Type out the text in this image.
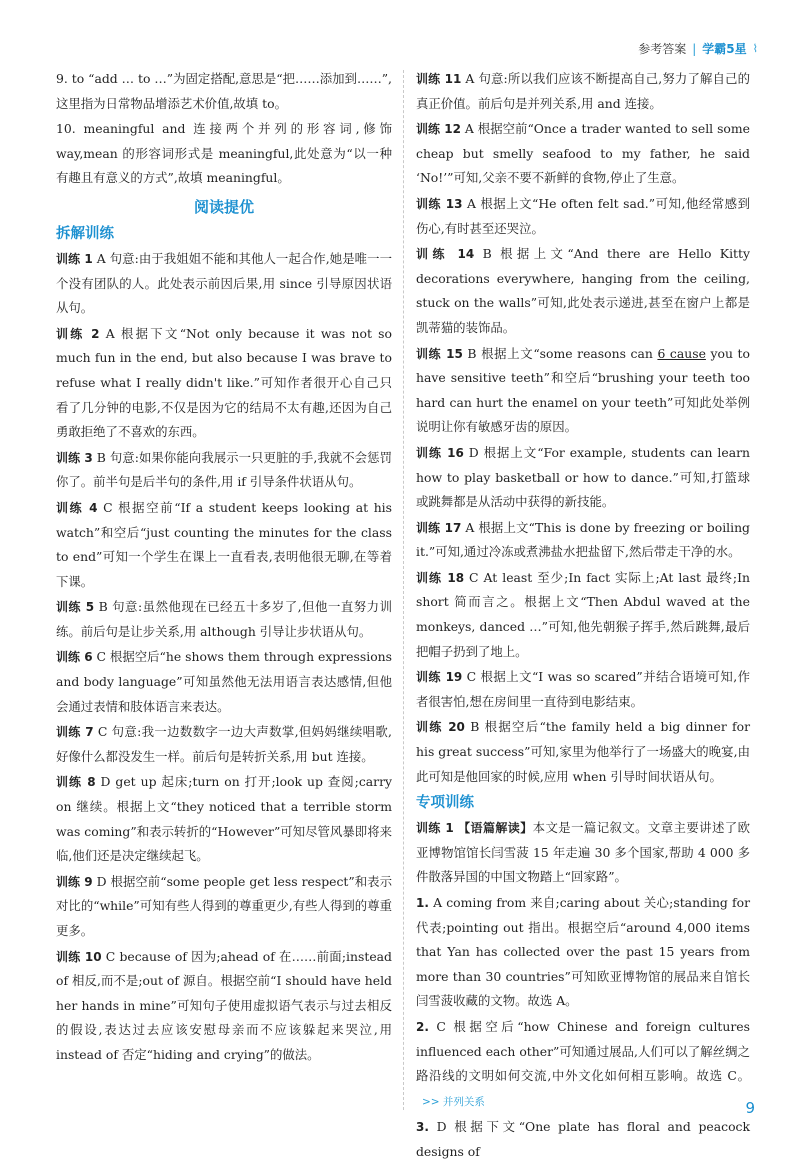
参考答案 | 学霸5星 ⌇

9. to “add … to …”为固定搭配,意思是“把……添加到……”,这里指为日常物品增添艺术价值,故填 to。

10. meaningful and 连接两个并列的形容词,修饰 way,mean 的形容词形式是 meaningful,此处意为“以一种有趣且有意义的方式”,故填 meaningful。

阅读提优
拆解训练

训练 1 A 句意:由于我姐姐不能和其他人一起合作,她是唯一一个没有团队的人。此处表示前因后果,用 since 引导原因状语从句。

训练 2 A 根据下文“Not only because it was not so much fun in the end, but also because I was brave to refuse what I really didn't like.”可知作者很开心自己只看了几分钟的电影,不仅是因为它的结局不太有趣,还因为自己勇敢拒绝了不喜欢的东西。

训练 3 B 句意:如果你能向我展示一只更脏的手,我就不会惩罚你了。前半句是后半句的条件,用 if 引导条件状语从句。

训练 4 C 根据空前“If a student keeps looking at his watch”和空后“just counting the minutes for the class to end”可知一个学生在课上一直看表,表明他很无聊,在等着下课。

训练 5 B 句意:虽然他现在已经五十多岁了,但他一直努力训练。前后句是让步关系,用 although 引导让步状语从句。

训练 6 C 根据空后“he shows them through expressions and body language”可知虽然他无法用语言表达感情,但他会通过表情和肢体语言来表达。

训练 7 C 句意:我一边数数字一边大声数掌,但妈妈继续唱歌,好像什么都没发生一样。前后句是转折关系,用 but 连接。

训练 8 D get up 起床;turn on 打开;look up 查阅;carry on 继续。根据上文“they noticed that a terrible storm was coming”和表示转折的“However”可知尽管风暴即将来临,他们还是决定继续起飞。

训练 9 D 根据空前“some people get less respect”和表示对比的“while”可知有些人得到的尊重更少,有些人得到的尊重更多。

训练 10 C because of 因为;ahead of 在……前面;instead of 相反,而不是;out of 源自。根据空前“I should have held her hands in mine”可知句子使用虚拟语气表示与过去相反的假设,表达过去应该安慰母亲而不应该躲起来哭泣,用 instead of 否定“hiding and crying”的做法。

训练 11 A 句意:所以我们应该不断提高自己,努力了解自己的真正价值。前后句是并列关系,用 and 连接。

训练 12 A 根据空前“Once a trader wanted to sell some cheap but smelly seafood to my father, he said ‘No!’”可知,父亲不要不新鲜的食物,停止了生意。

训练 13 A 根据上文“He often felt sad.”可知,他经常感到伤心,有时甚至还哭泣。

训练 14 B 根据上文“And there are Hello Kitty decorations everywhere, hanging from the ceiling, stuck on the walls”可知,此处表示递进,甚至在窗户上都是凯蒂猫的装饰品。

训练 15 B 根据上文“some reasons can 6 cause you to have sensitive teeth”和空后“brushing your teeth too hard can hurt the enamel on your teeth”可知此处举例说明让你有敏感牙齿的原因。

训练 16 D 根据上文“For example, students can learn how to play basketball or how to dance.”可知,打篮球或跳舞都是从活动中获得的新技能。

训练 17 A 根据上文“This is done by freezing or boiling it.”可知,通过冷冻或煮沸盐水把盐留下,然后带走干净的水。

训练 18 C At least 至少;In fact 实际上;At last 最终;In short 简而言之。根据上文“Then Abdul waved at the monkeys, danced …”可知,他先朝猴子挥手,然后跳舞,最后把帽子扔到了地上。

训练 19 C 根据上文“I was so scared”并结合语境可知,作者很害怕,想在房间里一直待到电影结束。

训练 20 B 根据空后“the family held a big dinner for his great success”可知,家里为他举行了一场盛大的晚宴,由此可知是他回家的时候,应用 when 引导时间状语从句。

专项训练

训练 1 【语篇解读】本文是一篇记叙文。文章主要讲述了欧亚博物馆馆长闫雪菠 15 年走遍 30 多个国家,帮助 4 000 多件散落异国的中国文物踏上“回家路”。

1. A coming from 来自;caring about 关心;standing for 代表;pointing out 指出。根据空后“around 4,000 items that Yan has collected over the past 15 years from more than 30 countries”可知欧亚博物馆的展品来自馆长闫雪菠收藏的文物。故选 A。

2. C 根据空后“how Chinese and foreign cultures influenced each other”可知通过展品,人们可以了解丝绸之路沿线的文明如何交流,中外文化如何相互影响。故选 C。>> 并列关系

3. D 根据下文“One plate has floral and peacock designs of

9
